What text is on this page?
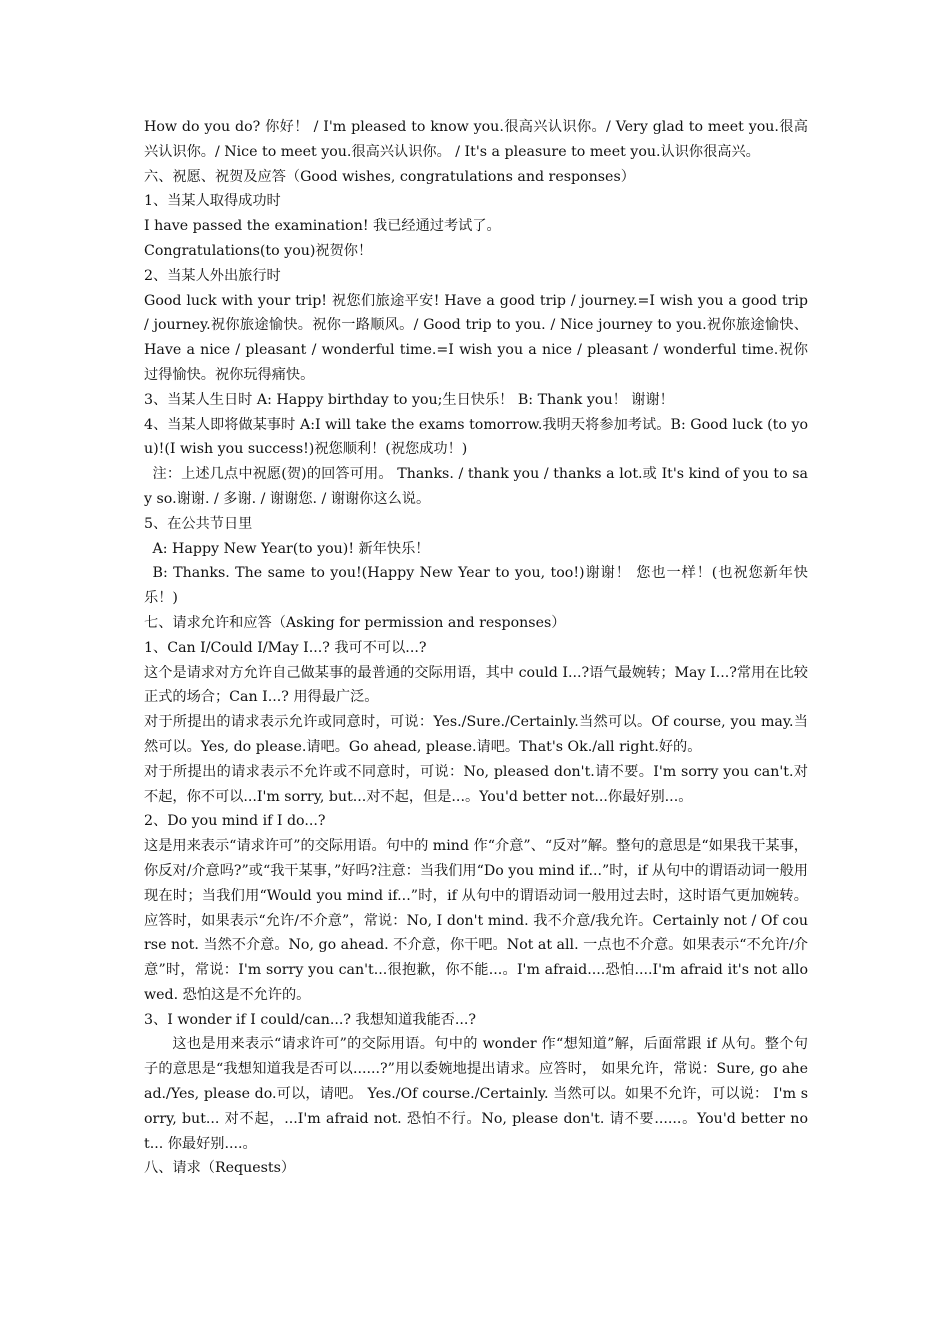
How do you do? 你好！ / I'm pleased to know you.很高兴认识你。/ Very glad to meet you.很高兴认识你。/ Nice to meet you.很高兴认识你。 / It's a pleasure to meet you.认识你很高兴。

六、祝愿、祝贺及应答（Good wishes, congratulations and responses）

1、当某人取得成功时

I have passed the examination! 我已经通过考试了。

Congratulations(to you)祝贺你！

2、当某人外出旅行时

Good luck with your trip! 祝您们旅途平安! Have a good trip / journey.=I wish you a good trip / journey.祝你旅途愉快。祝你一路顺风。/ Good trip to you. / Nice journey to you.祝你旅途愉快、Have a nice / pleasant / wonderful time.=I wish you a nice / pleasant / wonderful time.祝你过得愉快。祝你玩得痛快。

3、当某人生日时 A: Happy birthday to you;生日快乐！ B: Thank you！ 谢谢！

4、当某人即将做某事时 A:I will take the exams tomorrow.我明天将参加考试。B: Good luck (to you)!(I wish you success!)祝您顺利！(祝您成功！)

注：上述几点中祝愿(贺)的回答可用。 Thanks. / thank you / thanks a lot.或 It's kind of you to say so.谢谢. / 多谢. / 谢谢您. / 谢谢你这么说。

5、在公共节日里

A: Happy New Year(to you)! 新年快乐！

B: Thanks. The same to you!(Happy New Year to you, too!)谢谢！ 您也一样！(也祝您新年快乐！)

七、请求允许和应答（Asking for permission and responses）

1、Can I/Could I/May I...? 我可不可以...?

这个是请求对方允许自己做某事的最普通的交际用语，其中 could I...?语气最婉转；May I...?常用在比较正式的场合；Can I...? 用得最广泛。

对于所提出的请求表示允许或同意时，可说：Yes./Sure./Certainly.当然可以。Of course, you may.当然可以。Yes, do please.请吧。Go ahead, please.请吧。That's Ok./all right.好的。

对于所提出的请求表示不允许或不同意时，可说：No, pleased don't.请不要。I'm sorry you can't.对不起，你不可以...I'm sorry, but...对不起，但是...。You'd better not...你最好别...。

2、Do you mind if I do...?

这是用来表示“请求许可”的交际用语。句中的 mind 作“介意”、“反对”解。整句的意思是“如果我干某事，你反对/介意吗?”或“我干某事，”好吗?注意：当我们用“Do you mind if...”时，if 从句中的谓语动词一般用现在时；当我们用“Would you mind if...”时，if 从句中的谓语动词一般用过去时，这时语气更加婉转。应答时，如果表示“允许/不介意”，常说：No, I don't mind. 我不介意/我允许。Certainly not / Of course not. 当然不介意。No, go ahead. 不介意，你干吧。Not at all. 一点也不介意。如果表示“不允许/介意”时，常说：I'm sorry you can't...很抱歉，你不能...。I'm afraid....恐怕....I'm afraid it's not allowed. 恐怕这是不允许的。

3、I wonder if I could/can...? 我想知道我能否...?

这也是用来表示“请求许可”的交际用语。句中的 wonder 作“想知道”解，后面常跟 if 从句。整个句子的意思是“我想知道我是否可以......?”用以委婉地提出请求。应答时， 如果允许，常说：Sure, go ahead./Yes, please do.可以，请吧。 Yes./Of course./Certainly. 当然可以。如果不允许，可以说： I'm sorry, but... 对不起，...I'm afraid not. 恐怕不行。No, please don't. 请不要......。You'd better not... 你最好别....。

八、请求（Requests）
